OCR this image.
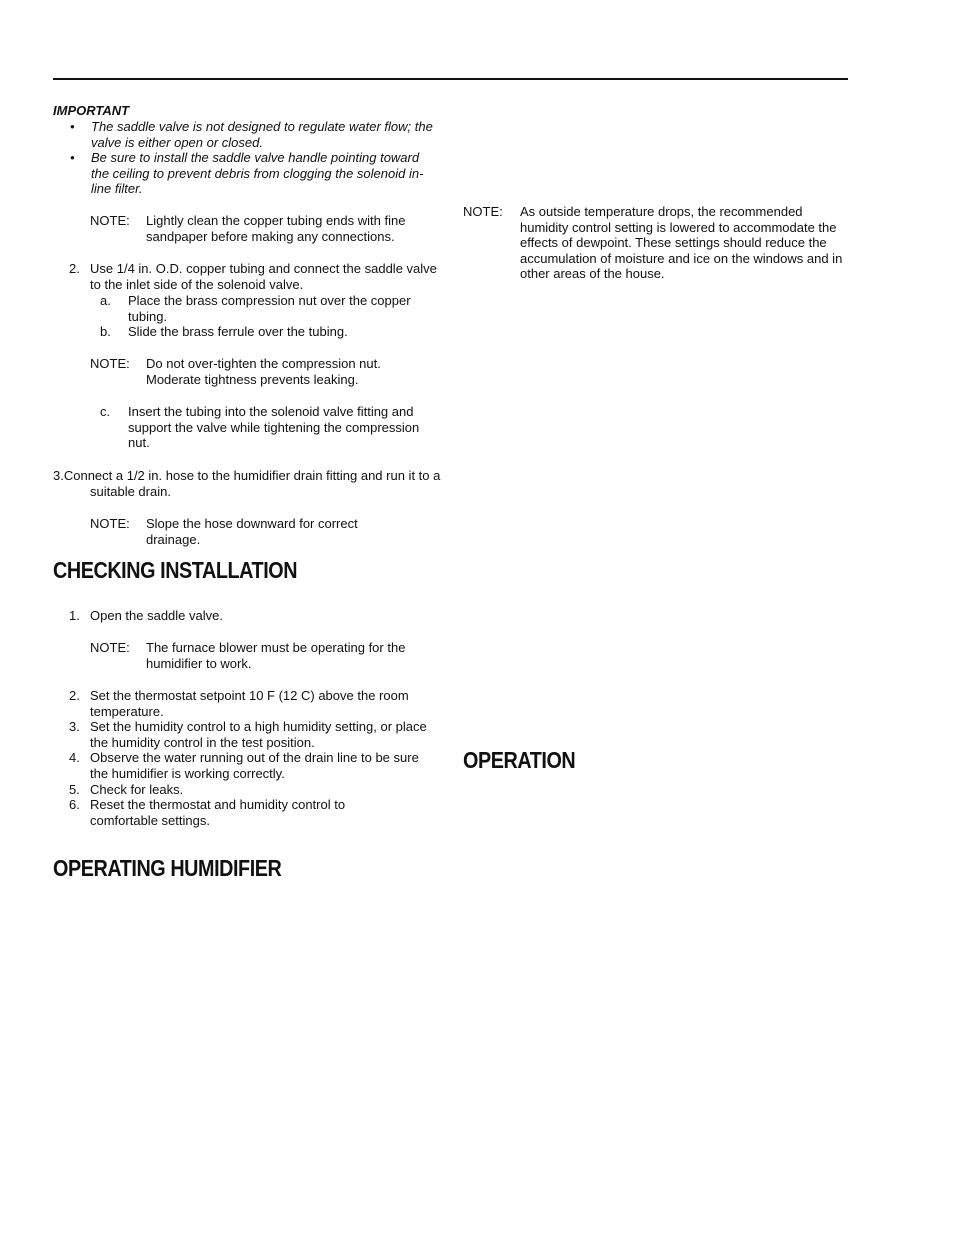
IMPORTANT
• The saddle valve is not designed to regulate water flow; the valve is either open or closed.
• Be sure to install the saddle valve handle pointing toward the ceiling to prevent debris from clogging the solenoid in-line filter.
NOTE: Lightly clean the copper tubing ends with fine sandpaper before making any connections.
2. Use 1/4 in. O.D. copper tubing and connect the saddle valve to the inlet side of the solenoid valve.
a. Place the brass compression nut over the copper tubing.
b. Slide the brass ferrule over the tubing.
NOTE: Do not over-tighten the compression nut. Moderate tightness prevents leaking.
c. Insert the tubing into the solenoid valve fitting and support the valve while tightening the compression nut.
3.Connect a 1/2 in. hose to the humidifier drain fitting and run it to a suitable drain.
NOTE: Slope the hose downward for correct drainage.
CHECKING INSTALLATION
1. Open the saddle valve.
NOTE: The furnace blower must be operating for the humidifier to work.
2. Set the thermostat setpoint 10 F (12 C) above the room temperature.
3. Set the humidity control to a high humidity setting, or place the humidity control in the test position.
4. Observe the water running out of the drain line to be sure the humidifier is working correctly.
5. Check for leaks.
6. Reset the thermostat and humidity control to comfortable settings.
OPERATING HUMIDIFIER
NOTE: As outside temperature drops, the recommended humidity control setting is lowered to accommodate the effects of dewpoint. These settings should reduce the accumulation of moisture and ice on the windows and in other areas of the house.
OPERATION
